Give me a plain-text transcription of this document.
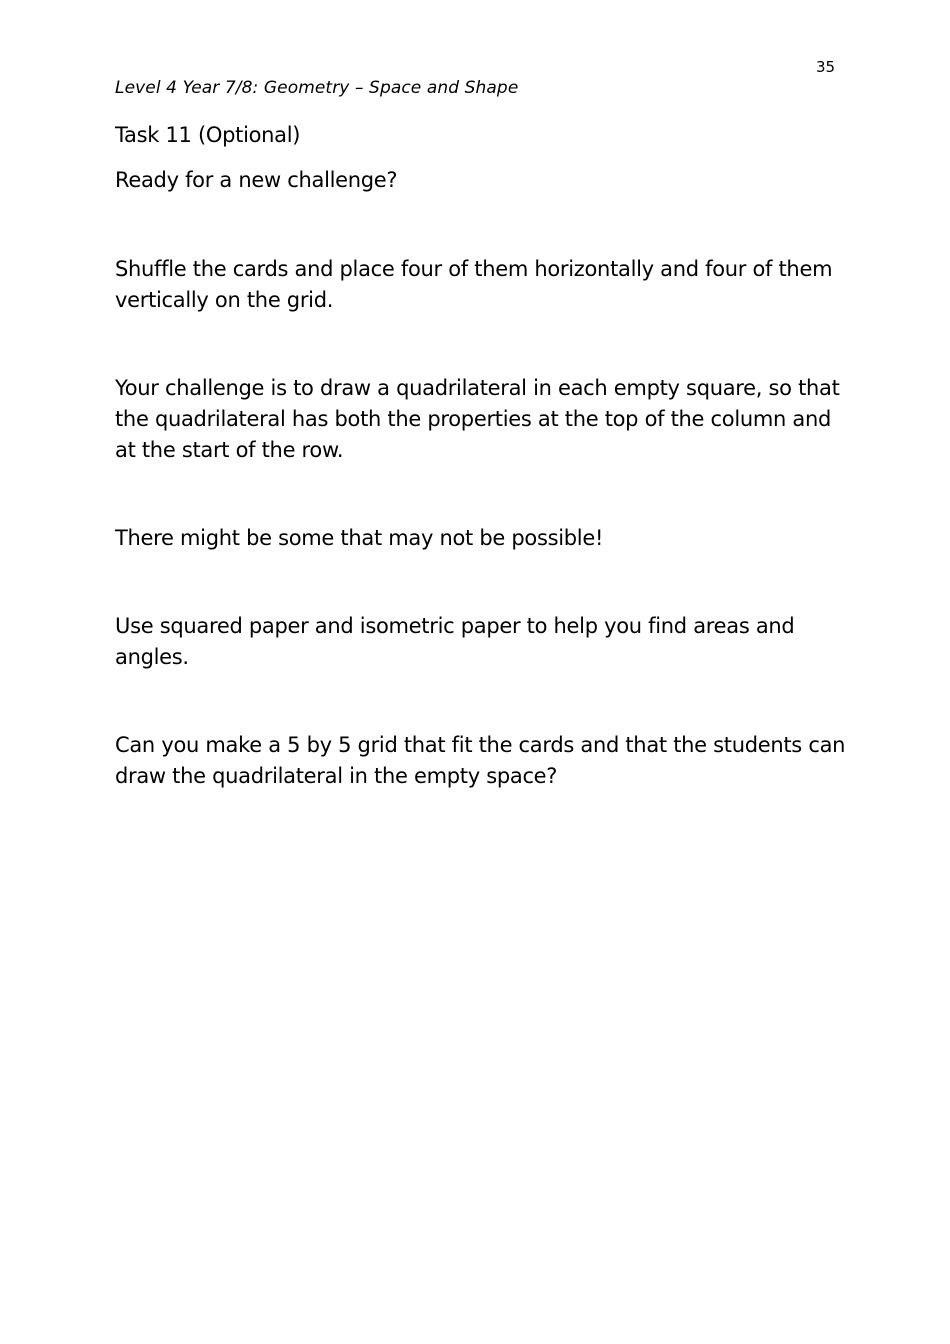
35
Level 4 Year 7/8: Geometry – Space and Shape
Task 11 (Optional)

Ready for a new challenge?

Shuffle the cards and place four of them horizontally and four of them vertically on the grid.

Your challenge is to draw a quadrilateral in each empty square, so that the quadrilateral has both the properties at the top of the column and at the start of the row.

There might be some that may not be possible!

Use squared paper and isometric paper to help you find areas and angles.

Can you make a 5 by 5 grid that fit the cards and that the students can draw the quadrilateral in the empty space?
